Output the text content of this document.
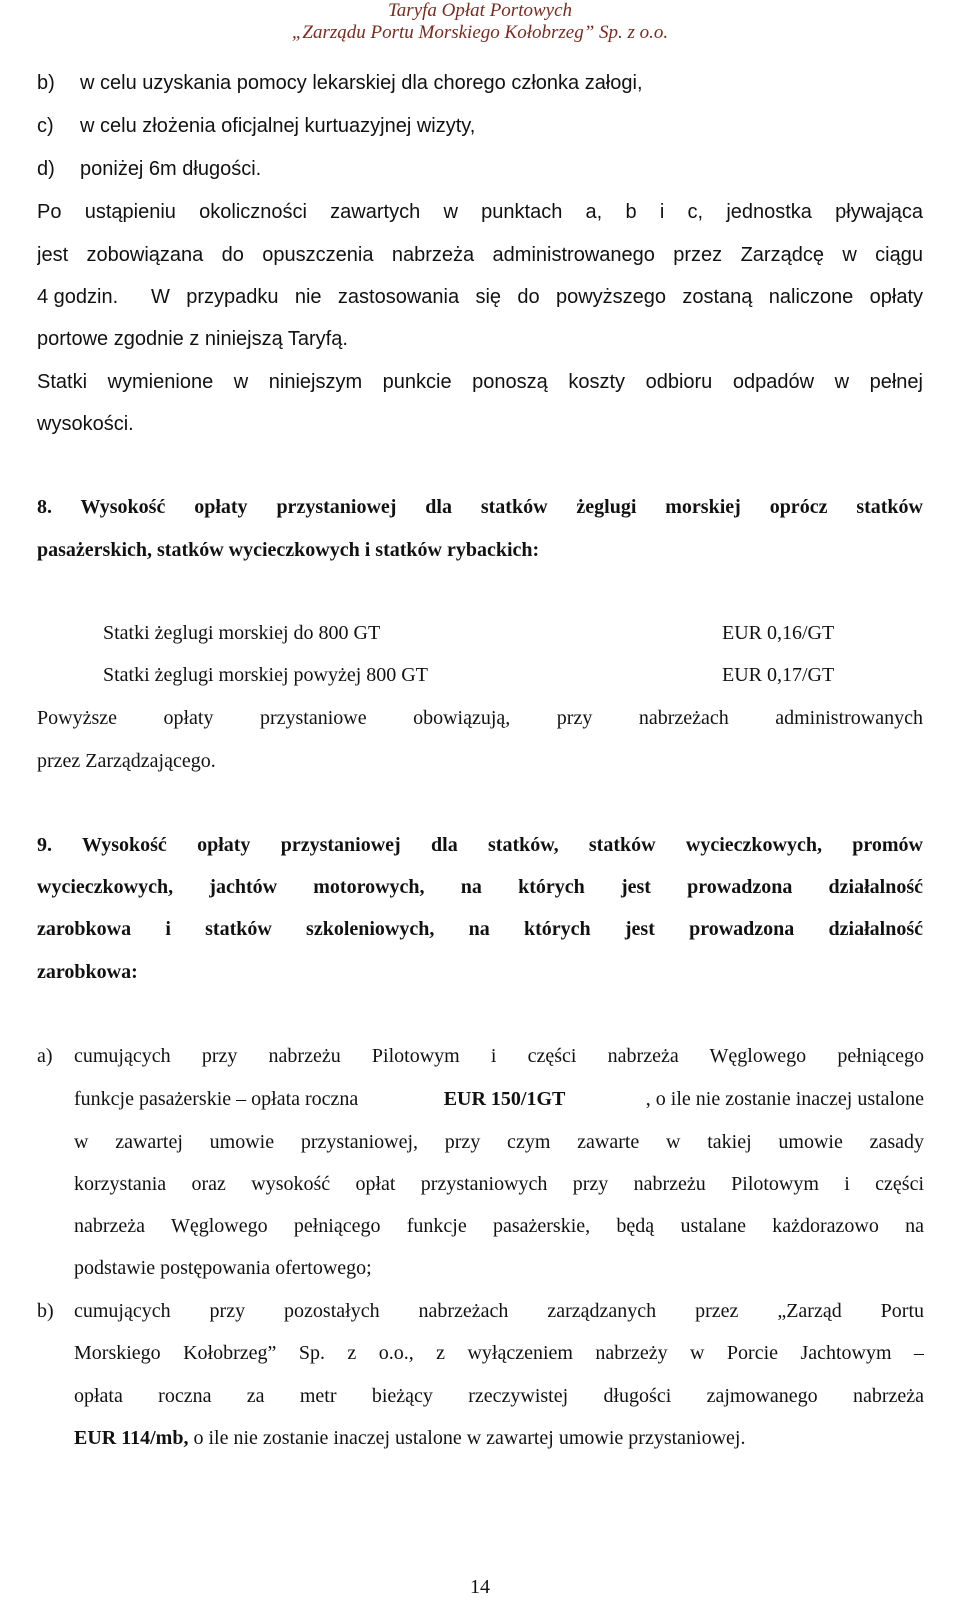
Taryfa Opłat Portowych
„Zarządu Portu Morskiego Kołobrzeg” Sp. z o.o.
b) w celu uzyskania pomocy lekarskiej dla chorego członka załogi,
c) w celu złożenia oficjalnej kurtuazyjnej wizyty,
d) poniżej 6m długości.
Po ustąpieniu okoliczności zawartych w punktach a, b i c, jednostka pływająca
jest zobowiązana do opuszczenia nabrzeża administrowanego przez Zarządcę w ciągu
4 godzin. W przypadku nie zastosowania się do powyższego zostaną naliczone opłaty
portowe zgodnie z niniejszą Taryfą.
Statki wymienione w niniejszym punkcie ponoszą koszty odbioru odpadów w pełnej
wysokości.
8. Wysokość opłaty przystaniowej dla statków żeglugi morskiej oprócz statków
pasażerskich, statków wycieczkowych i statków rybackich:
Statki żeglugi morskiej do 800 GT	EUR 0,16/GT
Statki żeglugi morskiej powyżej 800 GT	EUR 0,17/GT
Powyższe opłaty przystaniowe obowiązują, przy nabrzeżach administrowanych
przez Zarządzającego.
9. Wysokość opłaty przystaniowej dla statków, statków wycieczkowych, promów
wycieczkowych, jachtów motorowych, na których jest prowadzona działalność
zarobkowa i statków szkoleniowych, na których jest prowadzona działalność
zarobkowa:
a) cumujących przy nabrzeżu Pilotowym i części nabrzeża Węglowego pełniącego
funkcje pasażerskie – opłata roczna	EUR 150/1GT	, o ile nie zostanie inaczej ustalone
w zawartej umowie przystaniowej, przy czym zawarte w takiej umowie zasady
korzystania oraz wysokość opłat przystaniowych przy nabrzeżu Pilotowym i części
nabrzeża Węglowego pełniącego funkcje pasażerskie, będą ustalane każdorazowo na
podstawie postępowania ofertowego;
b) cumujących przy pozostałych nabrzeżach zarządzanych przez „Zarząd Portu
Morskiego Kołobrzeg” Sp. z o.o., z wyłączeniem nabrzeży w Porcie Jachtowym –
opłata roczna za metr bieżący rzeczywistej długości zajmowanego nabrzeża
EUR 114/mb, o ile nie zostanie inaczej ustalone w zawartej umowie przystaniowej.
14
